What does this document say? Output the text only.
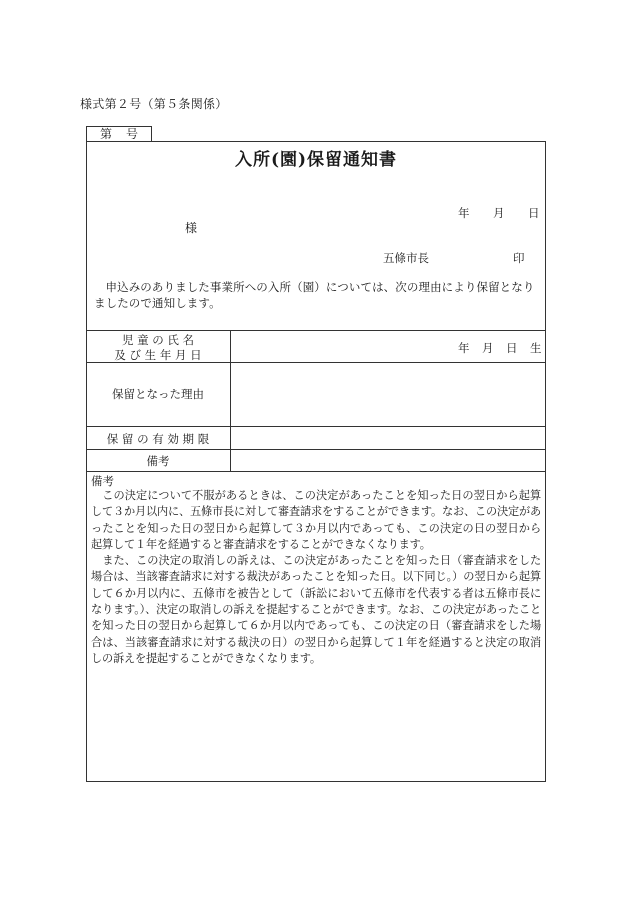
様式第２号（第５条関係）
第 号
入所(園)保留通知書
年 月 日
様
五條市長	印
申込みのありました事業所への入所（園）については、次の理由により保留となりましたので通知します。
児 童 の 氏 名
及 び 生 年 月 日	年 月 日 生
保留となった理由
保 留 の 有 効 期 限
備考
備考

この決定について不服があるときは、この決定があったことを知った日の翌日から起算して３か月以内に、五條市長に対して審査請求をすることができます。なお、この決定があったことを知った日の翌日から起算して３か月以内であっても、この決定の日の翌日から起算して１年を経過すると審査請求をすることができなくなります。

また、この決定の取消しの訴えは、この決定があったことを知った日（審査請求をした場合は、当該審査請求に対する裁決があったことを知った日。以下同じ。）の翌日から起算して６か月以内に、五條市を被告として（訴訟において五條市を代表する者は五條市長になります。）、決定の取消しの訴えを提起することができます。なお、この決定があったことを知った日の翌日から起算して６か月以内であっても、この決定の日（審査請求をした場合は、当該審査請求に対する裁決の日）の翌日から起算して１年を経過すると決定の取消しの訴えを提起することができなくなります。
